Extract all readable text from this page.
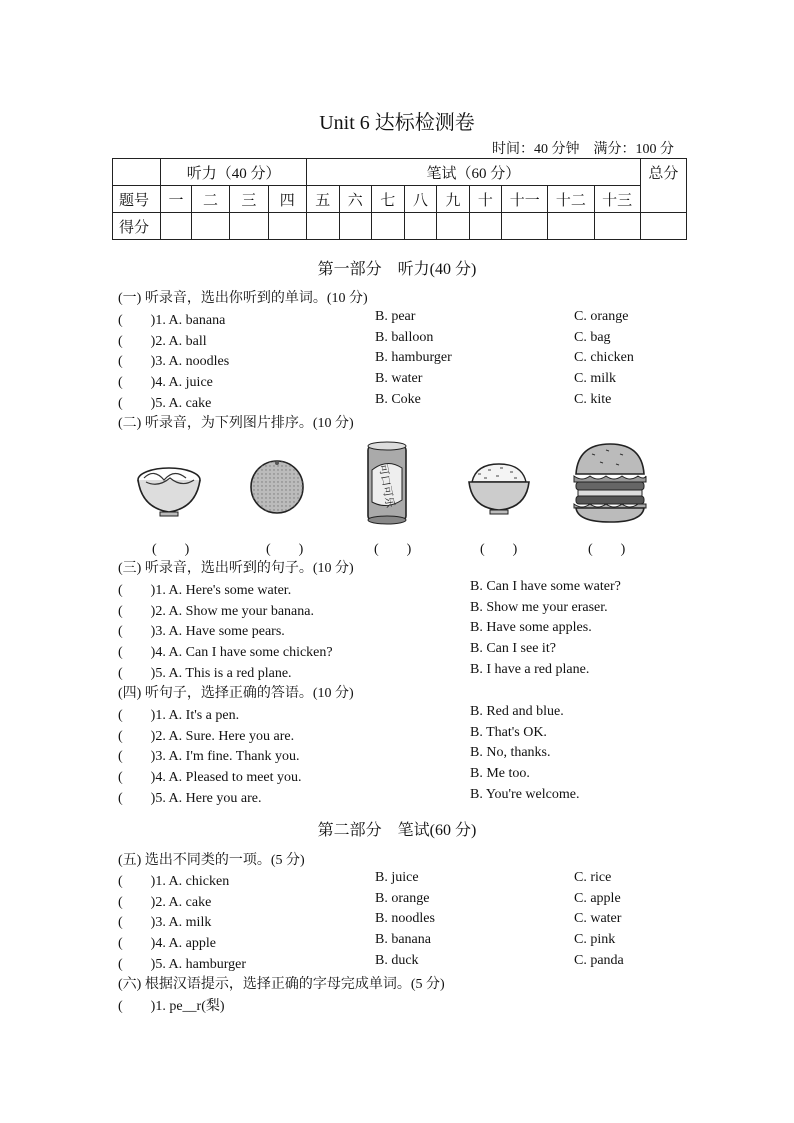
Unit 6 达标检测卷
时间：40 分钟　满分：100 分
	听力（40 分）				笔试（60 分）									总分
题号	一	二	三	四	五	六	七	八	九	十	十一	十二	十三	
得分														
第一部分　听力(40 分)
(一) 听录音，选出你听到的单词。(10 分)
(　　)1. A. banana	B. pear	C. orange
(　　)2. A. ball	B. balloon	C. bag
(　　)3. A. noodles	B. hamburger	C. chicken
(　　)4. A. juice	B. water	C. milk
(　　)5. A. cake	B. Coke	C. kite
(二) 听录音，为下列图片排序。(10 分)
可口可乐
(　　)	(　　)	(　　)	(　　)	(　　)
(三) 听录音，选出听到的句子。(10 分)
(　　)1. A. Here's some water.	B. Can I have some water?
(　　)2. A. Show me your banana.	B. Show me your eraser.
(　　)3. A. Have some pears.	B. Have some apples.
(　　)4. A. Can I have some chicken?	B. Can I see it?
(　　)5. A. This is a red plane.	B. I have a red plane.
(四) 听句子，选择正确的答语。(10 分)
(　　)1. A. It's a pen.	B. Red and blue.
(　　)2. A. Sure. Here you are.	B. That's OK.
(　　)3. A. I'm fine. Thank you.	B. No, thanks.
(　　)4. A. Pleased to meet you.	B. Me too.
(　　)5. A. Here you are.	B. You're welcome.
第二部分　笔试(60 分)
(五) 选出不同类的一项。(5 分)
(　　)1. A. chicken	B. juice	C. rice
(　　)2. A. cake	B. orange	C. apple
(　　)3. A. milk	B. noodles	C. water
(　　)4. A. apple	B. banana	C. pink
(　　)5. A. hamburger	B. duck	C. panda
(六) 根据汉语提示，选择正确的字母完成单词。(5 分)
(　　)1. pe__r(梨)
